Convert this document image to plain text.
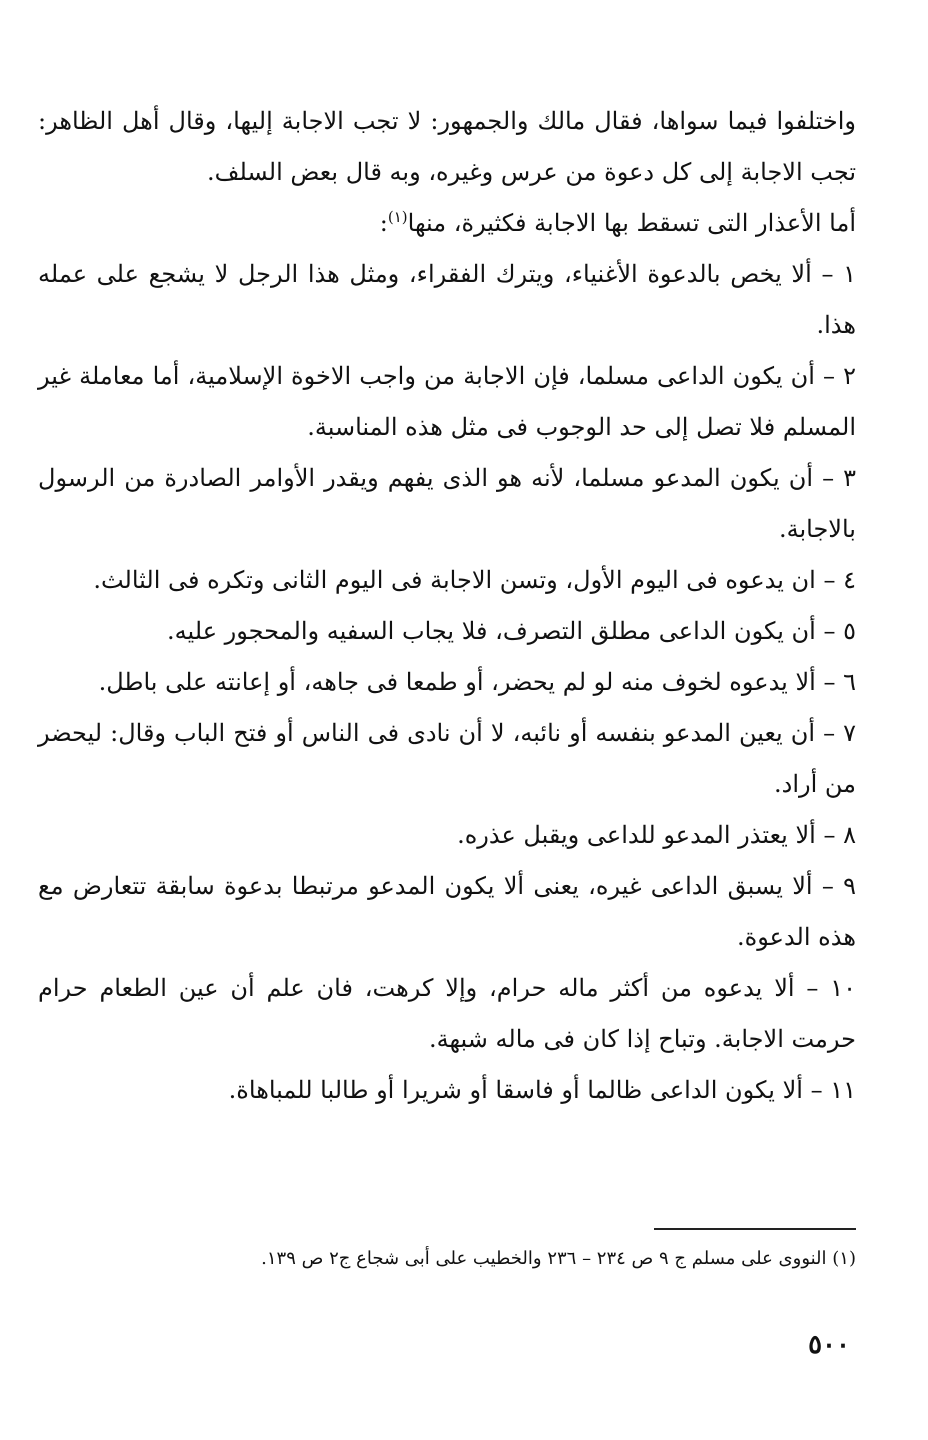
واختلفوا فيما سواها، فقال مالك والجمهور: لا تجب الاجابة إليها، وقال أهل الظاهر: تجب الاجابة إلى كل دعوة من عرس وغيره، وبه قال بعض السلف.

أما الأعذار التى تسقط بها الاجابة فكثيرة، منها$^{(١)}$:

١ – ألا يخص بالدعوة الأغنياء، ويترك الفقراء، ومثل هذا الرجل لا يشجع على عمله هذا.

٢ – أن يكون الداعى مسلما، فإن الاجابة من واجب الاخوة الإسلامية، أما معاملة غير المسلم فلا تصل إلى حد الوجوب فى مثل هذه المناسبة.

٣ – أن يكون المدعو مسلما، لأنه هو الذى يفهم ويقدر الأوامر الصادرة من الرسول بالاجابة.

٤ – ان يدعوه فى اليوم الأول، وتسن الاجابة فى اليوم الثانى وتكره فى الثالث.

٥ – أن يكون الداعى مطلق التصرف، فلا يجاب السفيه والمحجور عليه.

٦ – ألا يدعوه لخوف منه لو لم يحضر، أو طمعا فى جاهه، أو إعانته على باطل.

٧ – أن يعين المدعو بنفسه أو نائبه، لا أن نادى فى الناس أو فتح الباب وقال: ليحضر من أراد.

٨ – ألا يعتذر المدعو للداعى ويقبل عذره.

٩ – ألا يسبق الداعى غيره، يعنى ألا يكون المدعو مرتبطا بدعوة سابقة تتعارض مع هذه الدعوة.

١٠ – ألا يدعوه من أكثر ماله حرام، وإلا كرهت، فان علم أن عين الطعام حرام حرمت الاجابة. وتباح إذا كان فى ماله شبهة.

١١ – ألا يكون الداعى ظالما أو فاسقا أو شريرا أو طالبا للمباهاة.

(١) النووى على مسلم ج ٩ ص ٢٣٤ – ٢٣٦ والخطيب على أبى شجاع ج٢ ص ١٣٩.

٥٠٠
